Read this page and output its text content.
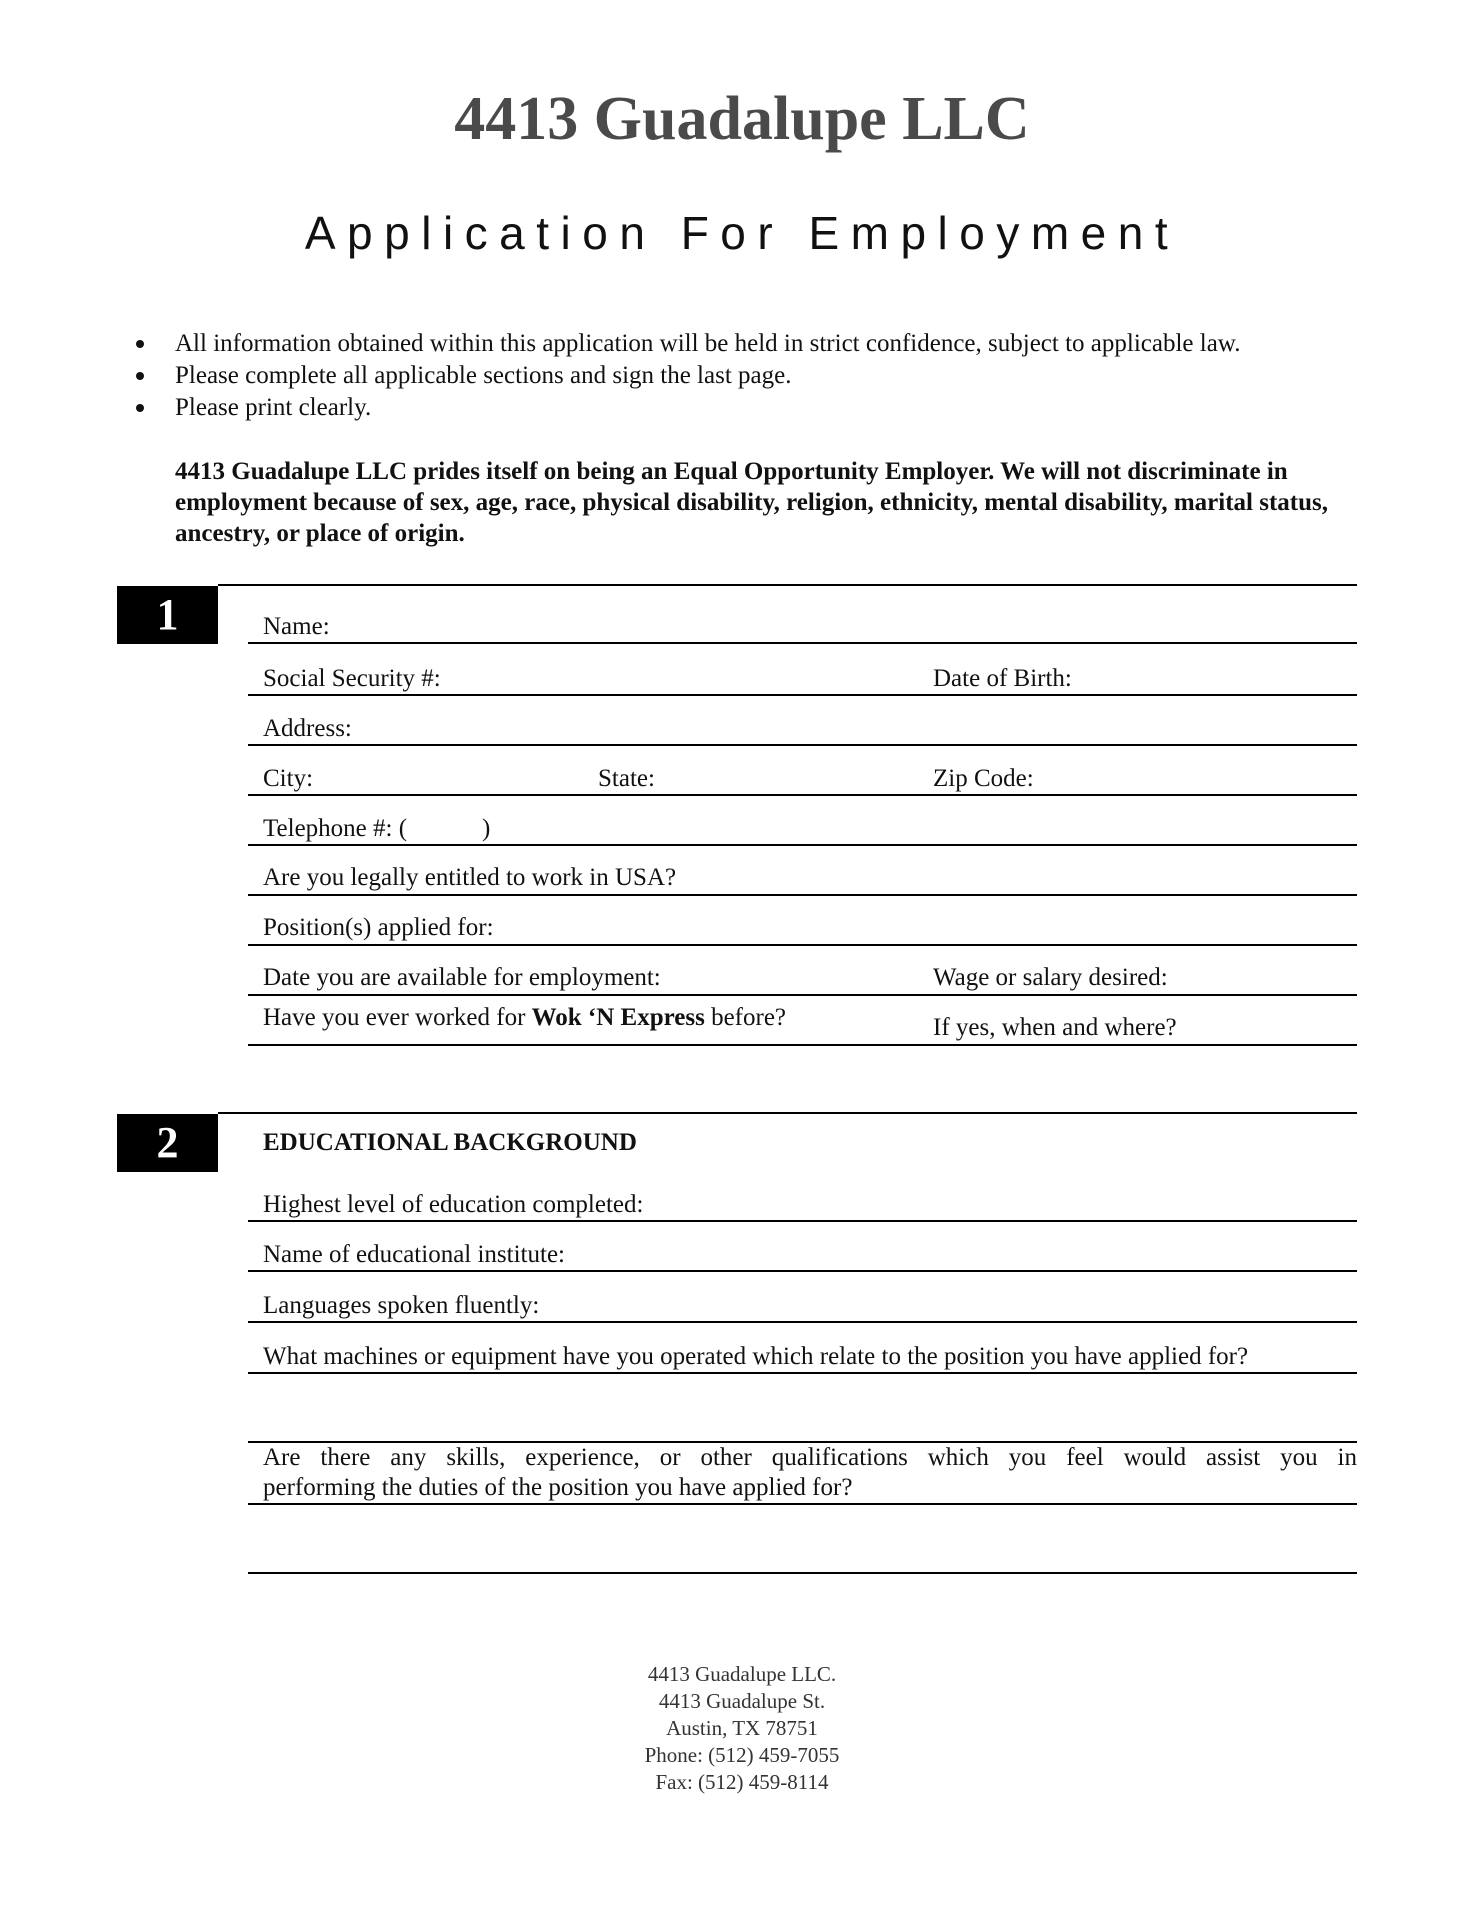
4413 Guadalupe LLC
Application For Employment
All information obtained within this application will be held in strict confidence, subject to applicable law.
Please complete all applicable sections and sign the last page.
Please print clearly.
4413 Guadalupe LLC prides itself on being an Equal Opportunity Employer. We will not discriminate in employment because of sex, age, race, physical disability, religion, ethnicity, mental disability, marital status, ancestry, or place of origin.
1	Name:
Social Security #:	Date of Birth:
Address:
City:	State:	Zip Code:
Telephone #: (            )
Are you legally entitled to work in USA?
Position(s) applied for:
Date you are available for employment:	Wage or salary desired:
Have you ever worked for Wok ‘N Express before?	If yes, when and where?
2	EDUCATIONAL BACKGROUND
Highest level of education completed:
Name of educational institute:
Languages spoken fluently:
What machines or equipment have you operated which relate to the position you have applied for?
Are there any skills, experience, or other qualifications which you feel would assist you in
performing the duties of the position you have applied for?
4413 Guadalupe LLC.
4413 Guadalupe St.
Austin, TX 78751
Phone: (512) 459-7055
Fax: (512) 459-8114
